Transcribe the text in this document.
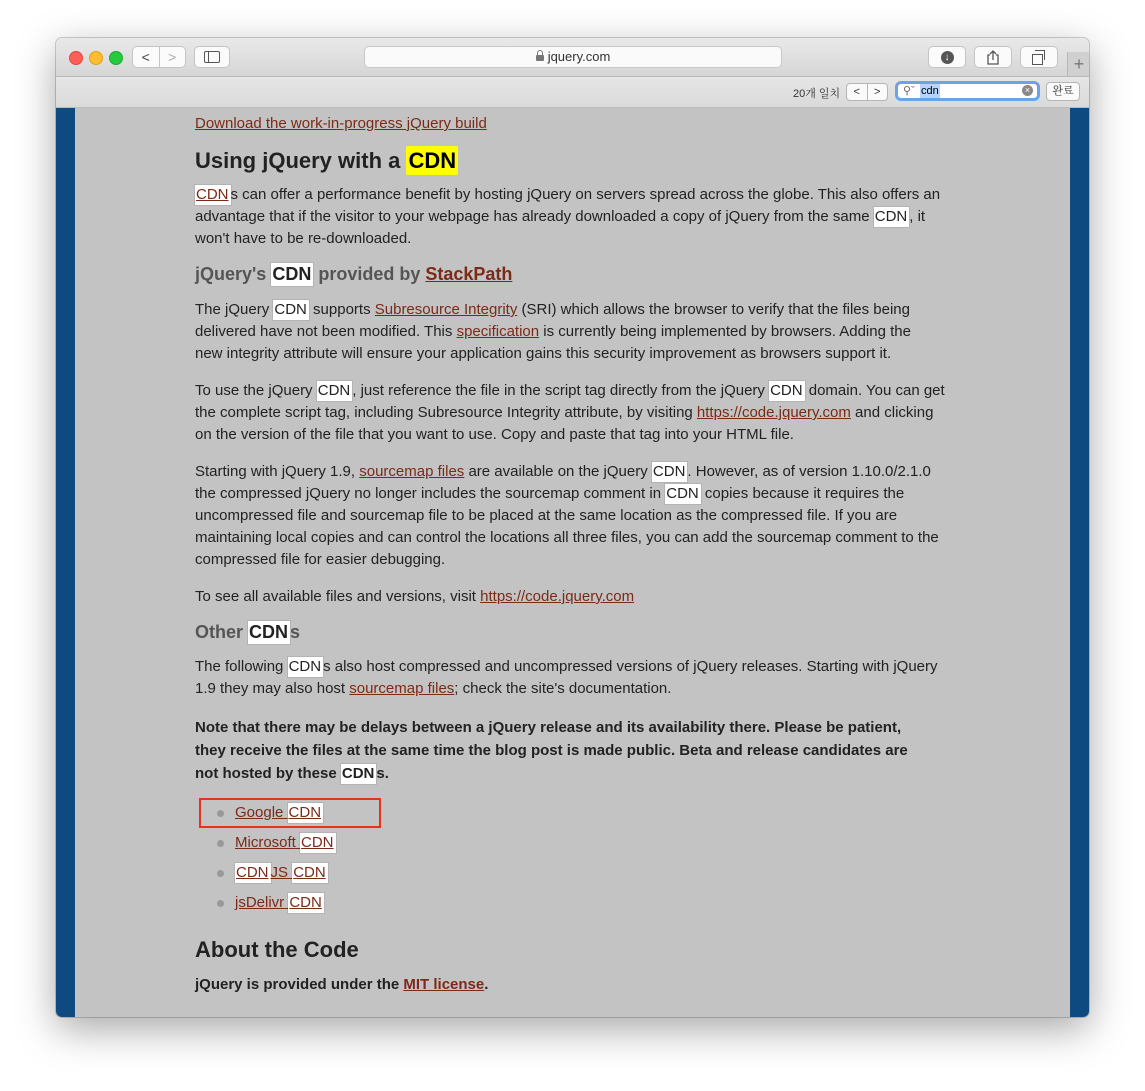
<	>	jquery.com	↓	+
20개 일치	<	>	⚲ˇ cdn	×	완료
Download the work-in-progress jQuery build
Using jQuery with a CDN

CDN s can offer a performance benefit by hosting jQuery on servers spread across the globe. This also offers an advantage that if the visitor to your webpage has already downloaded a copy of jQuery from the same CDN , it won't have to be re-downloaded.

jQuery's CDN provided by StackPath

The jQuery CDN supports Subresource Integrity (SRI) which allows the browser to verify that the files being delivered have not been modified. This specification is currently being implemented by browsers. Adding the new integrity attribute will ensure your application gains this security improvement as browsers support it.

To use the jQuery CDN , just reference the file in the script tag directly from the jQuery CDN domain. You can get the complete script tag, including Subresource Integrity attribute, by visiting https://code.jquery.com and clicking on the version of the file that you want to use. Copy and paste that tag into your HTML file.

Starting with jQuery 1.9, sourcemap files are available on the jQuery CDN . However, as of version 1.10.0/2.1.0 the compressed jQuery no longer includes the sourcemap comment in CDN copies because it requires the uncompressed file and sourcemap file to be placed at the same location as the compressed file. If you are maintaining local copies and can control the locations all three files, you can add the sourcemap comment to the compressed file for easier debugging.

To see all available files and versions, visit https://code.jquery.com

Other CDN s

The following CDN s also host compressed and uncompressed versions of jQuery releases. Starting with jQuery 1.9 they may also host sourcemap files; check the site's documentation.

Note that there may be delays between a jQuery release and its availability there. Please be patient, they receive the files at the same time the blog post is made public. Beta and release candidates are not hosted by these CDN s.

Google CDN
Microsoft CDN
CDN JS CDN
jsDelivr CDN
About the Code

jQuery is provided under the MIT license.
